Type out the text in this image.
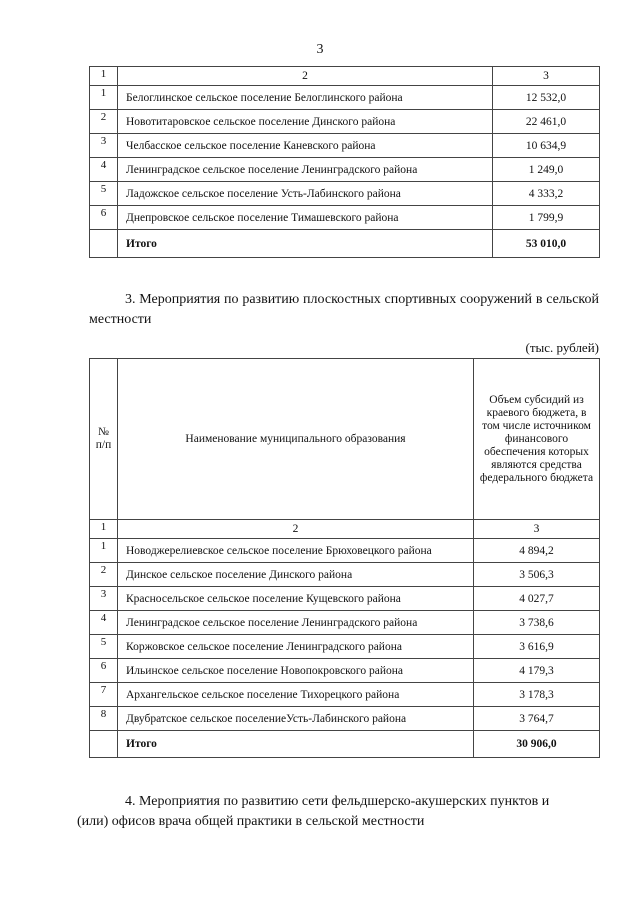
3
1	2	3
1	Белоглинское сельское поселение Белоглинского района	12 532,0
2	Новотитаровское сельское поселение Динского района	22 461,0
3	Челбасское сельское поселение Каневского района	10 634,9
4	Ленинградское сельское поселение Ленинградского района	1 249,0
5	Ладожское сельское поселение Усть-Лабинского района	4 333,2
6	Днепровское сельское поселение Тимашевского района	1 799,9
	Итого	53 010,0
3. Мероприятия по развитию плоскостных спортивных сооружений в сельской местности
(тыс. рублей)
№ п/п	Наименование муниципального образования	Объем субсидий из краевого бюджета, в том числе источником финансового обеспечения которых являются средства федерального бюджета
1	2	3
1	Новоджерелиевское сельское поселение Брюховецкого района	4 894,2
2	Динское сельское поселение Динского района	3 506,3
3	Красносельское сельское поселение Кущевского района	4 027,7
4	Ленинградское сельское поселение Ленинградского района	3 738,6
5	Коржовское сельское поселение Ленинградского района	3 616,9
6	Ильинское сельское поселение Новопокровского района	4 179,3
7	Архангельское сельское поселение Тихорецкого района	3 178,3
8	Двубратское сельское поселениеУсть-Лабинского района	3 764,7
	Итого	30 906,0
4. Мероприятия по развитию сети фельдшерско-акушерских пунктов и
(или) офисов врача общей практики в сельской местности
